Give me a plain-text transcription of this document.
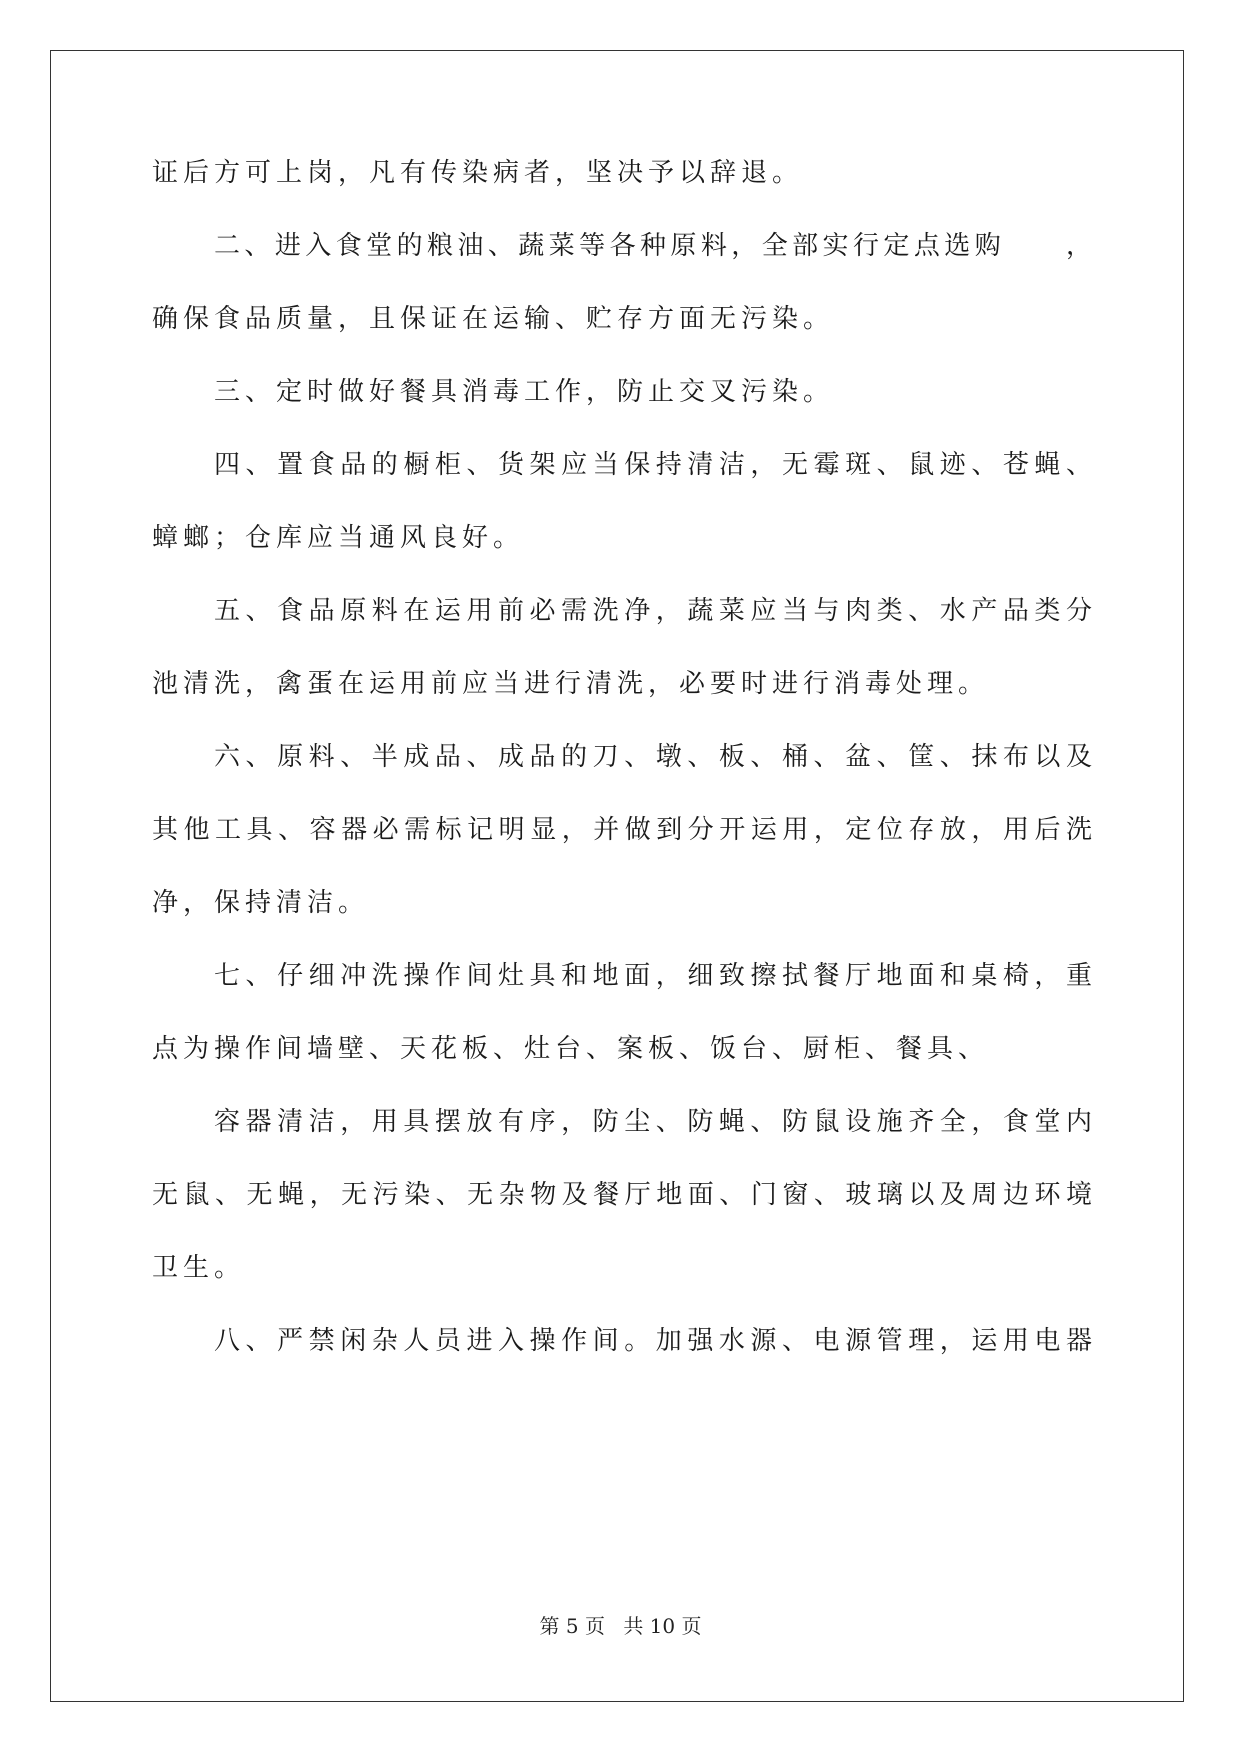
证后方可上岗，凡有传染病者，坚决予以辞退。
二、进入食堂的粮油、蔬菜等各种原料，全部实行定点选购　　，
确保食品质量，且保证在运输、贮存方面无污染。
三、定时做好餐具消毒工作，防止交叉污染。
四、置食品的橱柜、货架应当保持清洁，无霉斑、鼠迹、苍蝇、
蟑螂；仓库应当通风良好。
五、食品原料在运用前必需洗净，蔬菜应当与肉类、水产品类分
池清洗，禽蛋在运用前应当进行清洗，必要时进行消毒处理。
六、原料、半成品、成品的刀、墩、板、桶、盆、筐、抹布以及
其他工具、容器必需标记明显，并做到分开运用，定位存放，用后洗
净，保持清洁。
七、仔细冲洗操作间灶具和地面，细致擦拭餐厅地面和桌椅，重
点为操作间墙壁、天花板、灶台、案板、饭台、厨柜、餐具、
容器清洁，用具摆放有序，防尘、防蝇、防鼠设施齐全，食堂内
无鼠、无蝇，无污染、无杂物及餐厅地面、门窗、玻璃以及周边环境
卫生。
八、严禁闲杂人员进入操作间。加强水源、电源管理，运用电器
第 5 页 共 10 页
